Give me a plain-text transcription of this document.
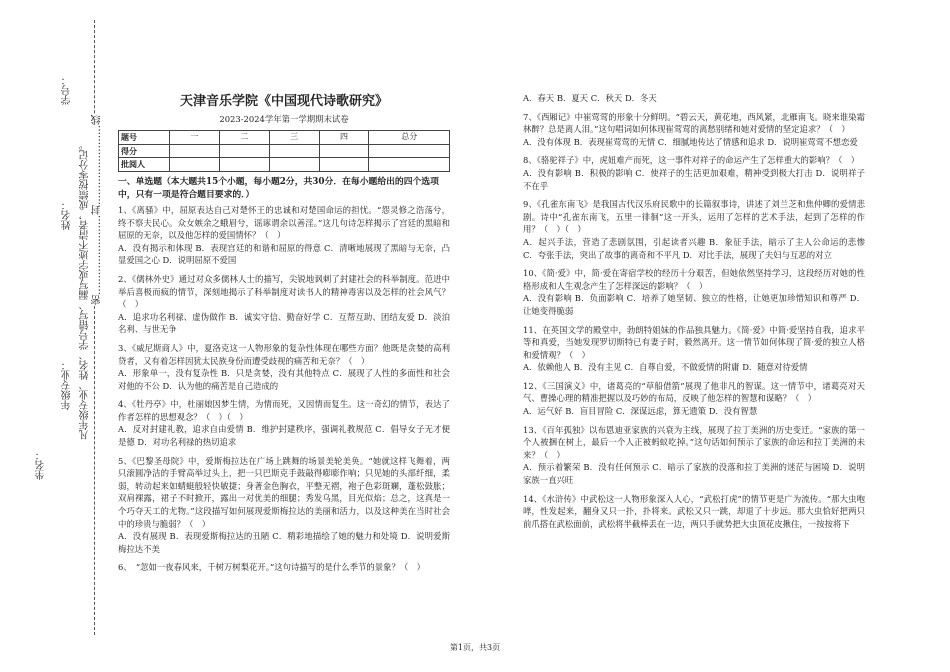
凡年级专业、姓名、学号错写、漏写或字迹不清者，成绩按零分记。 密……………………封……………………线
学号：
姓名：
年级专业：
坐名：
天津音乐学院《中国现代诗歌研究》
2023-2024学年第一学期期末试卷
题号	一	二	三	四	总分
得分					
批阅人					
一、单选题（本大题共15个小题，每小题2分，共30分．在每小题给出的四个选项中，只有一项是符合题目要求的．）
1、《离骚》中，屈原表达自己对楚怀王的忠诚和对楚国命运的担忧。“怨灵修之浩荡兮，终不察夫民心。众女嫉余之蛾眉兮，谣诼谓余以善淫。”这几句诗怎样揭示了宫廷的黑暗和屈原的无奈，以及他怎样的爱国情怀？（　）
A．没有揭示和体现 B．表现宫廷的和谐和屈原的得意 C．清晰地展现了黑暗与无奈，凸显爱国之心 D．说明屈原不爱国
2、《儒林外史》通过对众多儒林人士的描写，尖锐地讽刺了封建社会的科举制度。范进中举后喜极而疯的情节，深刻地揭示了科举制度对读书人的精神毒害以及怎样的社会风气？（　）
A．追求功名利禄、虚伪做作 B．诚实守信、勤奋好学 C．互帮互助、团结友爱 D．淡泊名利、与世无争
3、《威尼斯商人》中，夏洛克这一人物形象的复杂性体现在哪些方面？他既是贪婪的高利贷者，又有着怎样因犹太民族身份而遭受歧视的痛苦和无奈？（　）
A．形象单一，没有复杂性 B．只是贪婪，没有其他特点 C．展现了人性的多面性和社会对他的不公 D．认为他的痛苦是自己造成的
4、《牡丹亭》中，杜丽娘因梦生情，为情而死，又因情而复生。这一奇幻的情节，表达了作者怎样的思想观念？（　）（　）
A．反对封建礼教，追求自由爱情 B．维护封建秩序，强调礼教规范 C．倡导女子无才便是德 D．对功名利禄的热切追求
5、《巴黎圣母院》中，爱斯梅拉达在广场上跳舞的场景美轮美奂。“她就这样飞舞着，两只滚圆净洁的手臂高举过头上，把一只巴斯克手鼓敲得嘭嘭作响；只见她的头部纤细，柔弱，转动起来如蜻蜓般轻快敏捷；身著金色胸衣，平整无褶，袍子色彩斑斓，蓬松鼓胀；双肩裸露，裙子不时掀开，露出一对优美的细腿；秀发乌黑，目光似焰；总之，这真是一个巧夺天工的尤物。”这段描写如何展现爱斯梅拉达的美丽和活力，以及这种美在当时社会中的珍贵与脆弱？（　）
A．没有展现 B．表现爱斯梅拉达的丑陋 C．精彩地描绘了她的魅力和处境 D．说明爱斯梅拉达不美
6、　“忽如一夜春风来，千树万树梨花开。”这句诗描写的是什么季节的景象？（　）
A．春天 B．夏天 C．秋天 D．冬天
7、《西厢记》中崔莺莺的形象十分鲜明。“碧云天，黄花地，西风紧，北雁南飞。晓来谁染霜林醉？总是离人泪。”这句唱词如何体现崔莺莺的离愁别绪和她对爱情的坚定追求？（　）
A．没有体现 B．表现崔莺莺的无情 C．细腻地传达了情感和追求 D．说明崔莺莺不想恋爱
8、《骆驼祥子》中，虎妞难产而死，这一事件对祥子的命运产生了怎样重大的影响？（　）
A．没有影响 B．积极的影响 C．使祥子的生活更加艰难，精神受到极大打击 D．说明祥子不在乎
9、《孔雀东南飞》是我国古代汉乐府民歌中的长篇叙事诗，讲述了刘兰芝和焦仲卿的爱情悲剧。诗中“孔雀东南飞，五里一徘徊”这一开头，运用了怎样的艺术手法，起到了怎样的作用？（　）（　）
A．起兴手法，营造了悲剧氛围，引起读者兴趣 B．象征手法，暗示了主人公命运的悲惨 C．夸张手法，突出了故事的离奇和不平凡 D．对比手法，展现了夫妇与互恶的对立
10、《简·爱》中，简·爱在寄宿学校的经历十分艰苦，但她依然坚持学习，这段经历对她的性格形成和人生观念产生了怎样深远的影响？（　）
A．没有影响 B．负面影响 C．培养了她坚韧、独立的性格，让她更加珍惜知识和尊严 D．让她变得脆弱
11、在英国文学的殿堂中，勃朗特姐妹的作品独具魅力。《简·爱》中简·爱坚持自我，追求平等和真爱，当她发现罗切斯特已有妻子时，毅然离开。这一情节如何体现了简·爱的独立人格和爱情观？（　）
A．依赖他人 B．没有主见 C．自尊自爱，不做爱情的附庸 D．随意对待爱情
12、《三国演义》中，诸葛亮的“草船借箭”展现了他非凡的智谋。这一情节中，诸葛亮对天气、曹操心理的精准把握以及巧妙的布局，反映了他怎样的智慧和谋略？（　）
A．运气好 B．盲目冒险 C．深谋远虑，算无遗策 D．没有智慧
13、《百年孤独》以布恩迪亚家族的兴衰为主线，展现了拉丁美洲的历史变迁。“家族的第一个人被捆在树上，最后一个人正被蚂蚁吃掉。”这句话如何预示了家族的命运和拉丁美洲的未来？（　）
A．预示着繁荣 B．没有任何预示 C．暗示了家族的没落和拉丁美洲的迷茫与困境 D．说明家族一直兴旺
14、《水浒传》中武松这一人物形象深入人心，“武松打虎”的情节更是广为流传。“那大虫咆哮，性发起来，翻身又只一扑，扑将来。武松又只一跳，却退了十步远。那大虫恰好把两只前爪搭在武松面前，武松将半截棒丢在一边，两只手就势把大虫顶花皮揪住，一按按将下
第1页，共3页
